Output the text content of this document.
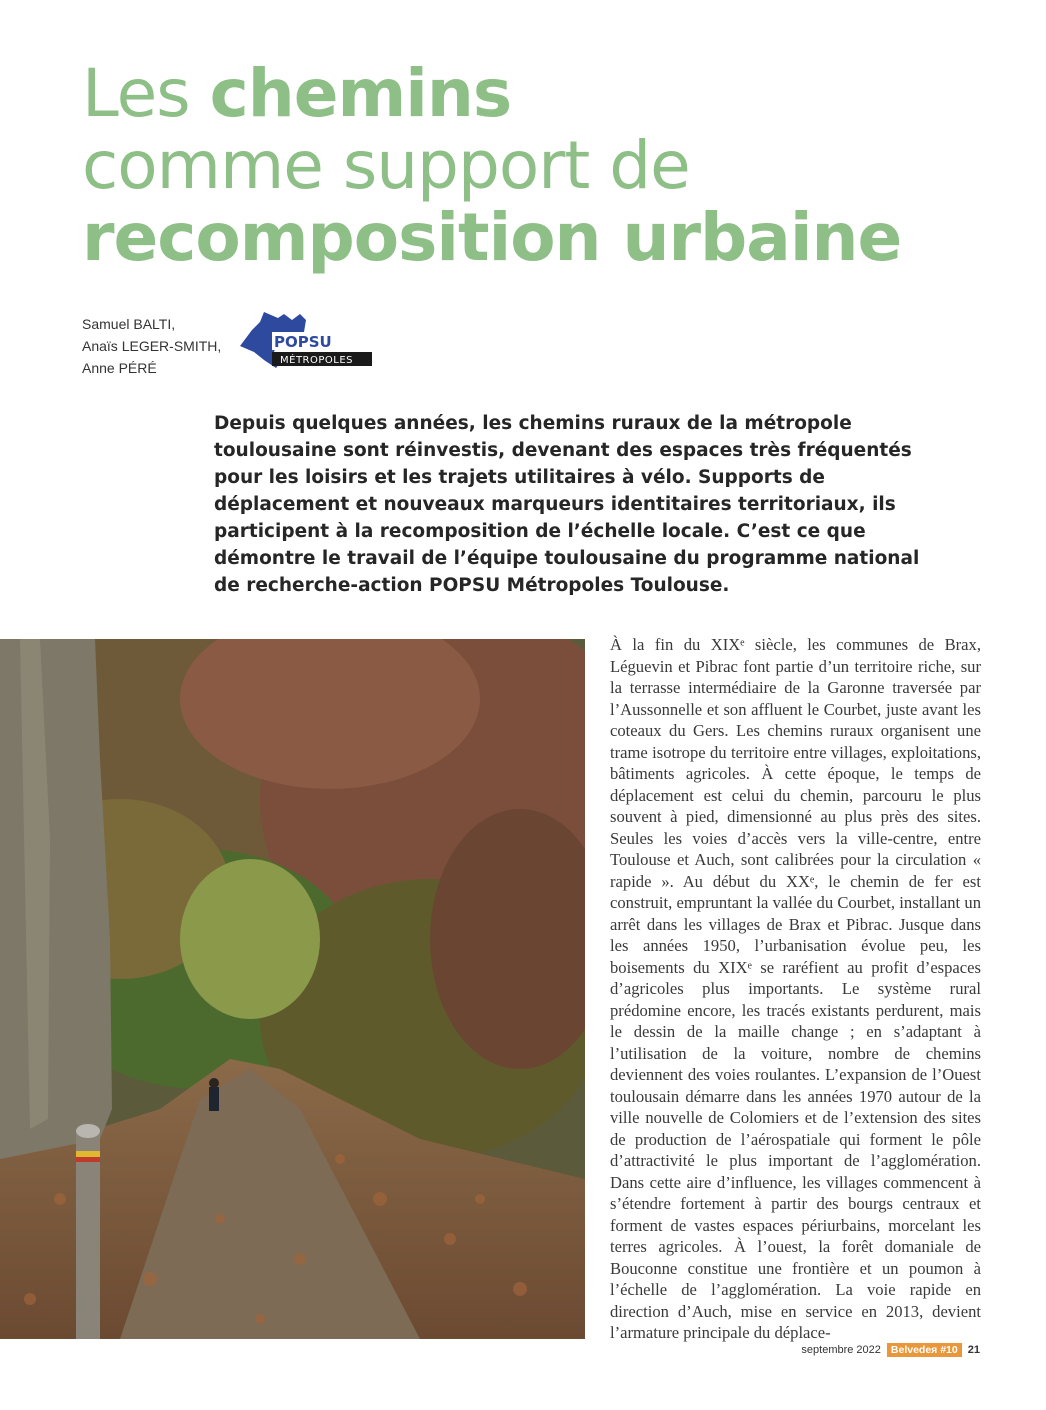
Les chemins
comme support de
recomposition urbaine
Samuel BALTI,
Anaïs LEGER-SMITH,
Anne PÉRÉ
POPSU
MÉTROPOLES
Depuis quelques années, les chemins ruraux de la métropole toulousaine sont réinvestis, devenant des espaces très fréquentés pour les loisirs et les trajets utilitaires à vélo. Supports de déplacement et nouveaux marqueurs identitaires territoriaux, ils participent à la recomposition de l’échelle locale. C’est ce que démontre le travail de l’équipe toulousaine du programme national de recherche-action POPSU Métropoles Toulouse.
À la fin du XIXᵉ siècle, les communes de Brax, Léguevin et Pibrac font partie d’un territoire riche, sur la terrasse intermédiaire de la Garonne traversée par l’Aussonnelle et son affluent le Courbet, juste avant les coteaux du Gers. Les chemins ruraux organisent une trame isotrope du territoire entre villages, exploitations, bâtiments agricoles. À cette époque, le temps de déplacement est celui du chemin, parcouru le plus souvent à pied, dimensionné au plus près des sites. Seules les voies d’accès vers la ville-centre, entre Toulouse et Auch, sont calibrées pour la circulation « rapide ». Au début du XXᵉ, le chemin de fer est construit, empruntant la vallée du Courbet, installant un arrêt dans les villages de Brax et Pibrac. Jusque dans les années 1950, l’urbanisation évolue peu, les boisements du XIXᵉ se raréfient au profit d’espaces d’agricoles plus importants. Le système rural prédomine encore, les tracés existants perdurent, mais le dessin de la maille change ; en s’adaptant à l’utilisation de la voiture, nombre de chemins deviennent des voies roulantes. L’expansion de l’Ouest toulousain démarre dans les années 1970 autour de la ville nouvelle de Colomiers et de l’extension des sites de production de l’aérospatiale qui forment le pôle d’attractivité le plus important de l’agglomération. Dans cette aire d’influence, les villages commencent à s’étendre fortement à partir des bourgs centraux et forment de vastes espaces périurbains, morcelant les terres agricoles. À l’ouest, la forêt domaniale de Bouconne constitue une frontière et un poumon à l’échelle de l’agglomération. La voie rapide en direction d’Auch, mise en service en 2013, devient l’armature principale du déplace-
septembre 2022 Belvedeя #10 21
